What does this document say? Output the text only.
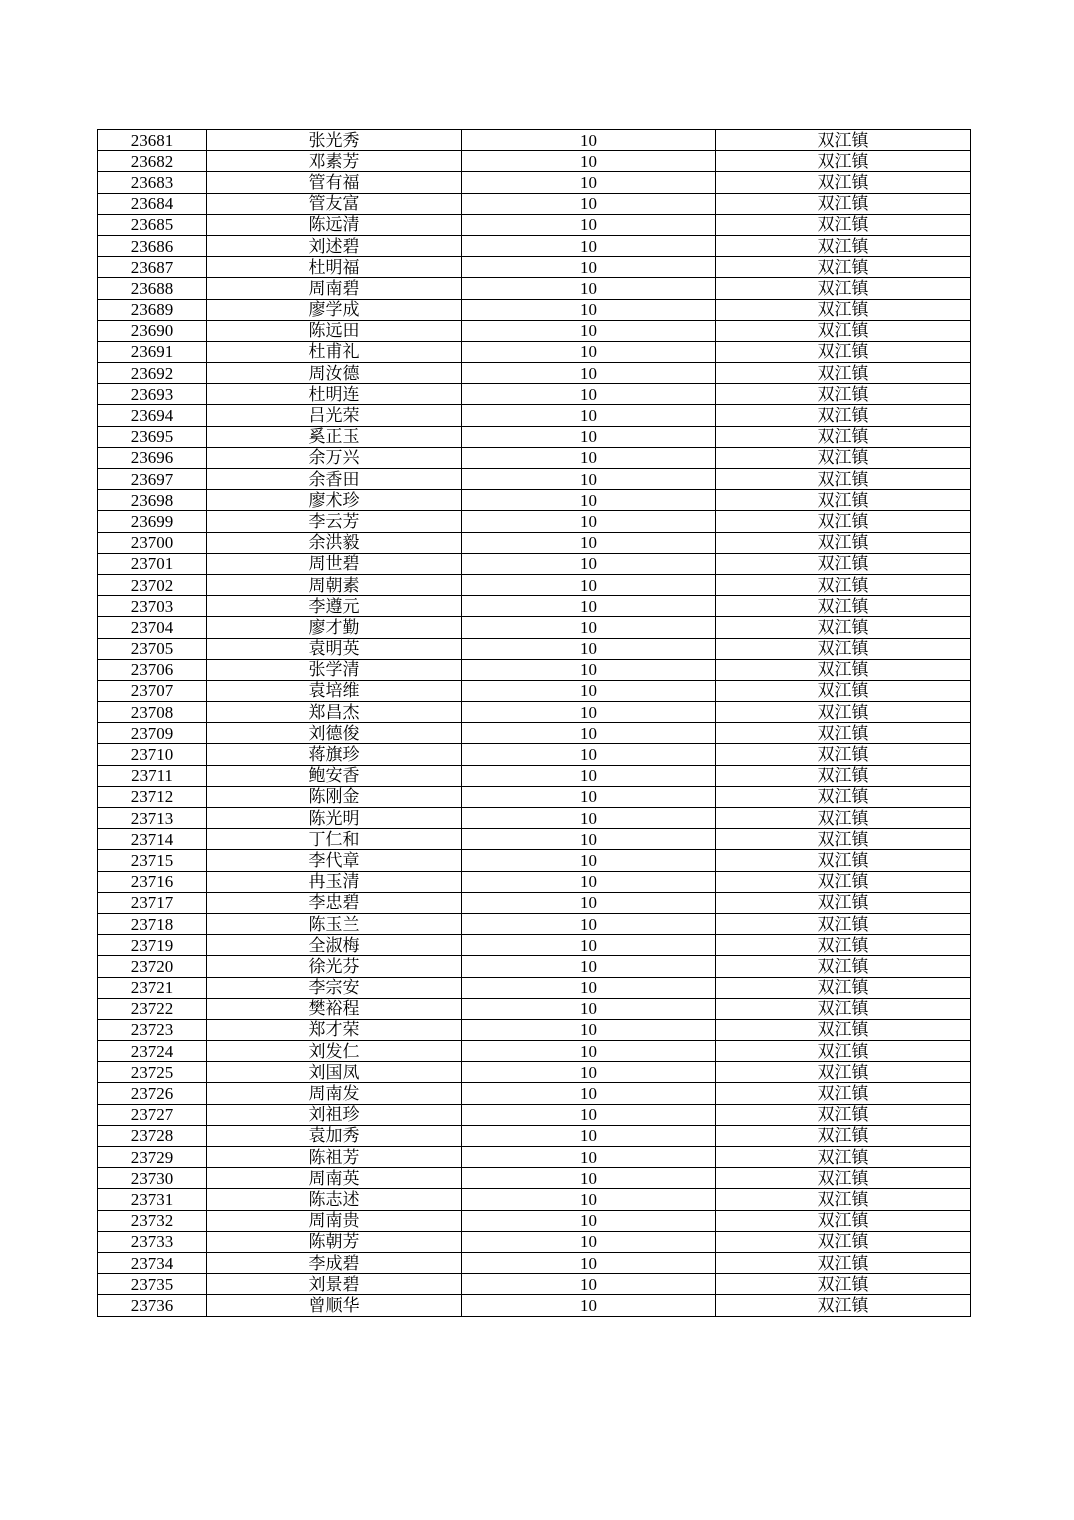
23681	张光秀	10	双江镇
23682	邓素芳	10	双江镇
23683	管有福	10	双江镇
23684	管友富	10	双江镇
23685	陈远清	10	双江镇
23686	刘述碧	10	双江镇
23687	杜明福	10	双江镇
23688	周南碧	10	双江镇
23689	廖学成	10	双江镇
23690	陈远田	10	双江镇
23691	杜甫礼	10	双江镇
23692	周汝德	10	双江镇
23693	杜明连	10	双江镇
23694	吕光荣	10	双江镇
23695	奚正玉	10	双江镇
23696	余万兴	10	双江镇
23697	余香田	10	双江镇
23698	廖术珍	10	双江镇
23699	李云芳	10	双江镇
23700	余洪毅	10	双江镇
23701	周世碧	10	双江镇
23702	周朝素	10	双江镇
23703	李遵元	10	双江镇
23704	廖才勤	10	双江镇
23705	袁明英	10	双江镇
23706	张学清	10	双江镇
23707	袁培维	10	双江镇
23708	郑昌杰	10	双江镇
23709	刘德俊	10	双江镇
23710	蒋旗珍	10	双江镇
23711	鲍安香	10	双江镇
23712	陈刚金	10	双江镇
23713	陈光明	10	双江镇
23714	丁仁和	10	双江镇
23715	李代章	10	双江镇
23716	冉玉清	10	双江镇
23717	李忠碧	10	双江镇
23718	陈玉兰	10	双江镇
23719	全淑梅	10	双江镇
23720	徐光芬	10	双江镇
23721	李宗安	10	双江镇
23722	樊裕程	10	双江镇
23723	郑才荣	10	双江镇
23724	刘发仁	10	双江镇
23725	刘国凤	10	双江镇
23726	周南发	10	双江镇
23727	刘祖珍	10	双江镇
23728	袁加秀	10	双江镇
23729	陈祖芳	10	双江镇
23730	周南英	10	双江镇
23731	陈志述	10	双江镇
23732	周南贵	10	双江镇
23733	陈朝芳	10	双江镇
23734	李成碧	10	双江镇
23735	刘景碧	10	双江镇
23736	曾顺华	10	双江镇
